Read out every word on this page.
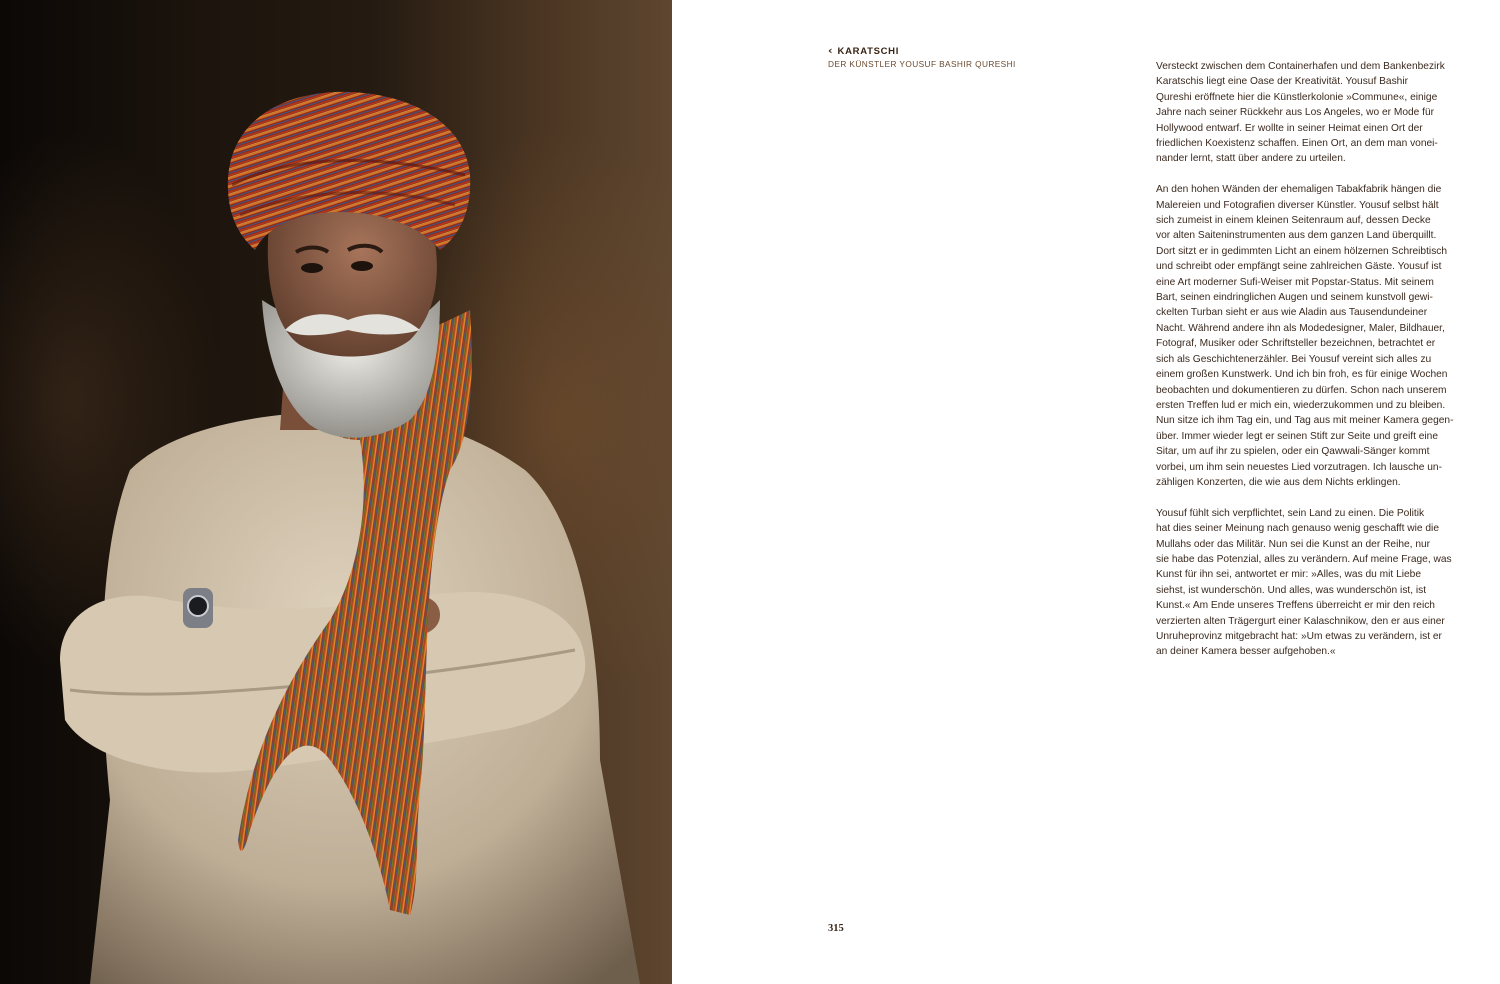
‹ KARATSCHI
DER KÜNSTLER YOUSUF BASHIR QURESHI	Versteckt zwischen dem Containerhafen und dem Bankenbezirk
Karatschis liegt eine Oase der Kreativität. Yousuf Bashir
Qureshi eröffnete hier die Künstlerkolonie »Commune«, einige
Jahre nach seiner Rückkehr aus Los Angeles, wo er Mode für
Hollywood entwarf. Er wollte in seiner Heimat einen Ort der
friedlichen Koexistenz schaffen. Einen Ort, an dem man vonei-
nander lernt, statt über andere zu urteilen.

An den hohen Wänden der ehemaligen Tabakfabrik hängen die
Malereien und Fotografien diverser Künstler. Yousuf selbst hält
sich zumeist in einem kleinen Seitenraum auf, dessen Decke
vor alten Saiteninstrumenten aus dem ganzen Land überquillt.
Dort sitzt er in gedimmten Licht an einem hölzernen Schreibtisch
und schreibt oder empfängt seine zahlreichen Gäste. Yousuf ist
eine Art moderner Sufi-Weiser mit Popstar-Status. Mit seinem
Bart, seinen eindringlichen Augen und seinem kunstvoll gewi-
ckelten Turban sieht er aus wie Aladin aus Tausendundeiner
Nacht. Während andere ihn als Modedesigner, Maler, Bildhauer,
Fotograf, Musiker oder Schriftsteller bezeichnen, betrachtet er
sich als Geschichtenerzähler. Bei Yousuf vereint sich alles zu
einem großen Kunstwerk. Und ich bin froh, es für einige Wochen
beobachten und dokumentieren zu dürfen. Schon nach unserem
ersten Treffen lud er mich ein, wiederzukommen und zu bleiben.
Nun sitze ich ihm Tag ein, und Tag aus mit meiner Kamera gegen-
über. Immer wieder legt er seinen Stift zur Seite und greift eine
Sitar, um auf ihr zu spielen, oder ein Qawwali-Sänger kommt
vorbei, um ihm sein neuestes Lied vorzutragen. Ich lausche un-
zähligen Konzerten, die wie aus dem Nichts erklingen.

Yousuf fühlt sich verpflichtet, sein Land zu einen. Die Politik
hat dies seiner Meinung nach genauso wenig geschafft wie die
Mullahs oder das Militär. Nun sei die Kunst an der Reihe, nur
sie habe das Potenzial, alles zu verändern. Auf meine Frage, was
Kunst für ihn sei, antwortet er mir: »Alles, was du mit Liebe
siehst, ist wunderschön. Und alles, was wunderschön ist, ist
Kunst.« Am Ende unseres Treffens überreicht er mir den reich
verzierten alten Trägergurt einer Kalaschnikow, den er aus einer
Unruheprovinz mitgebracht hat: »Um etwas zu verändern, ist er
an deiner Kamera besser aufgehoben.«

315
